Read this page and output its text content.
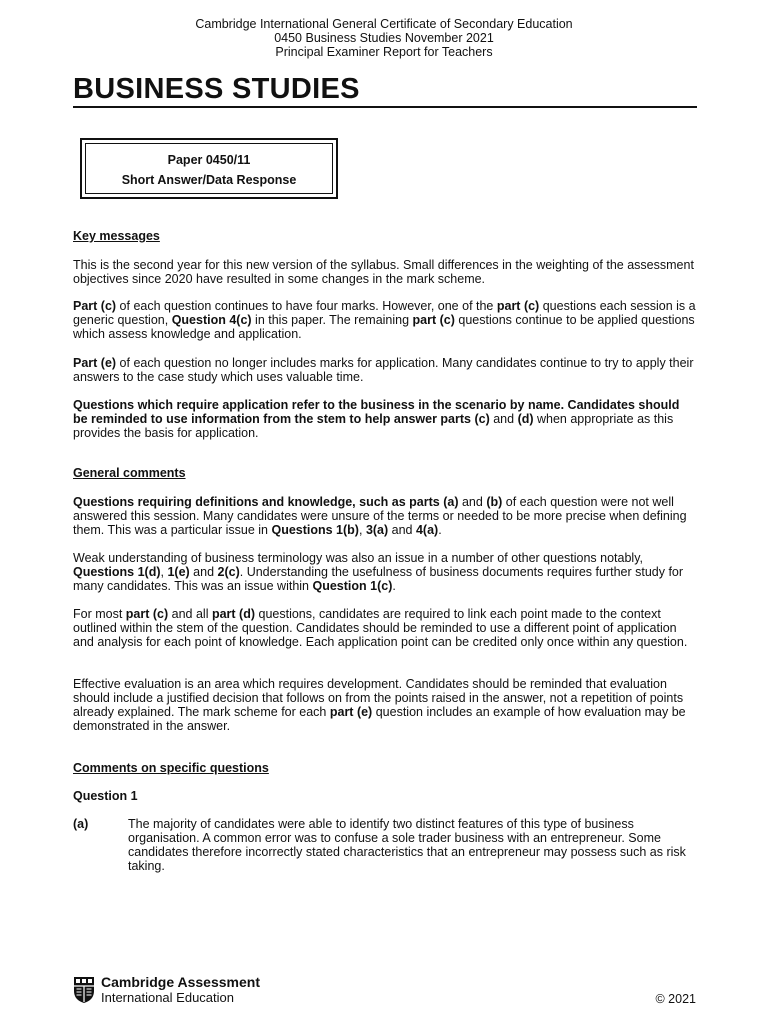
Cambridge International General Certificate of Secondary Education
0450 Business Studies November 2021
Principal Examiner Report for Teachers
BUSINESS STUDIES
Paper 0450/11
Short Answer/Data Response
Key messages

This is the second year for this new version of the syllabus. Small differences in the weighting of the assessment objectives since 2020 have resulted in some changes in the mark scheme.

Part (c) of each question continues to have four marks. However, one of the part (c) questions each session is a generic question, Question 4(c) in this paper. The remaining part (c) questions continue to be applied questions which assess knowledge and application.

Part (e) of each question no longer includes marks for application. Many candidates continue to try to apply their answers to the case study which uses valuable time.

Questions which require application refer to the business in the scenario by name. Candidates should be reminded to use information from the stem to help answer parts (c) and (d) when appropriate as this provides the basis for application.

General comments

Questions requiring definitions and knowledge, such as parts (a) and (b) of each question were not well answered this session. Many candidates were unsure of the terms or needed to be more precise when defining them. This was a particular issue in Questions 1(b), 3(a) and 4(a).

Weak understanding of business terminology was also an issue in a number of other questions notably, Questions 1(d), 1(e) and 2(c). Understanding the usefulness of business documents requires further study for many candidates. This was an issue within Question 1(c).

For most part (c) and all part (d) questions, candidates are required to link each point made to the context outlined within the stem of the question. Candidates should be reminded to use a different point of application and analysis for each point of knowledge. Each application point can be credited only once within any question.

Effective evaluation is an area which requires development. Candidates should be reminded that evaluation should include a justified decision that follows on from the points raised in the answer, not a repetition of points already explained. The mark scheme for each part (e) question includes an example of how evaluation may be demonstrated in the answer.

Comments on specific questions
Question 1
(a)	The majority of candidates were able to identify two distinct features of this type of business organisation. A common error was to confuse a sole trader business with an entrepreneur. Some candidates therefore incorrectly stated characteristics that an entrepreneur may possess such as risk taking.

Cambridge Assessment
International Education	© 2021
